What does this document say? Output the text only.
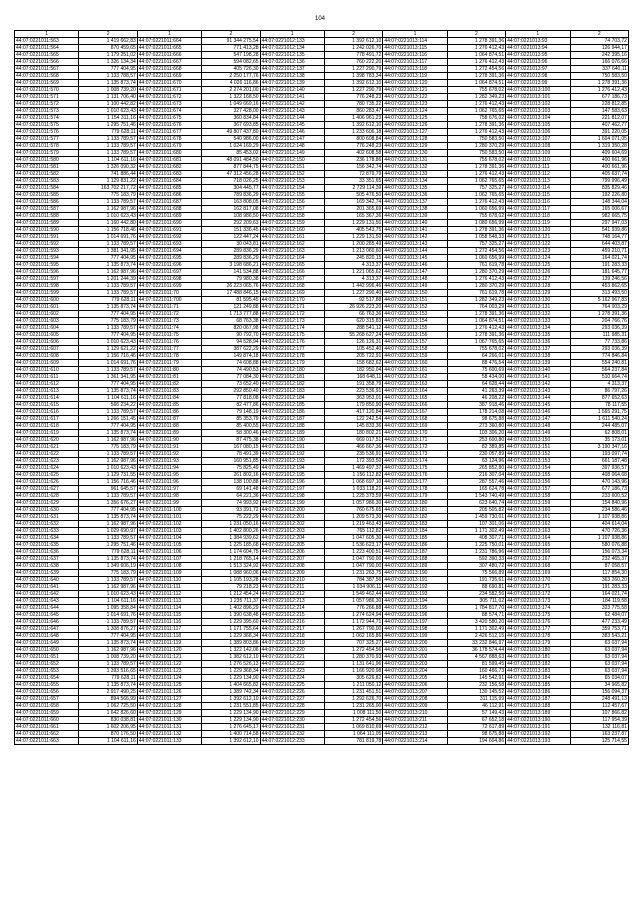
104
1	2	1	2	1	2	1	2	1	2
44:07:0221011:563	1 419 662,83	44:07:0221011:664	91 344 275,54	44:07:0221012:133	1 392 612,10	44:07:0221013:114	1 278 391,36	44:07:0221013:93	74 703,72
44:07:0221011:564	870 459,65	44:07:0221011:665	771 413,28	44:07:0221012:134	1 242 026,70	44:07:0221013:115	1 276 412,43	44:07:0221013:94	126 944,17
44:07:0221011:565	1 179 251,02	44:07:0221011:666	547 198,28	44:07:0221012:135	778 491,72	44:07:0221013:116	1 064 874,51	44:07:0221013:95	242 395,16
44:07:0221011:566	1 326 134,34	44:07:0221011:667	594 082,65	44:07:0221012:136	760 222,20	44:07:0221013:117	1 276 412,43	44:07:0221013:96	166 076,66
44:07:0221011:567	777 404,95	44:07:0221011:668	405 726,30	44:07:0221012:137	1 227 290,79	44:07:0221013:118	1 272 454,56	44:07:0221013:97	337 640,11
44:07:0221011:568	1 133 788,57	44:07:0221011:669	2 250 177,76	44:07:0221012:138	1 398 783,34	44:07:0221013:119	1 278 391,36	44:07:0221013:98	750 583,50
44:07:0221011:569	1 135 873,74	44:07:0221011:670	4 026 116,86	44:07:0221012:139	1 392 612,10	44:07:0221013:120	1 064 874,51	44:07:0221013:99	1 278 391,36
44:07:0221011:570	1 008 739,20	44:07:0221011:671	2 274 201,00	44:07:0221012:140	1 227 290,79	44:07:0221013:121	755 678,02	44:07:0221013:100	1 276 412,43
44:07:0221011:571	1 131 706,40	44:07:0221011:672	1 322 168,50	44:07:0221012:141	776 248,23	44:07:0221013:122	1 282 349,23	44:07:0221013:101	677 186,73
44:07:0221011:572	1 100 442,82	44:07:0221011:673	1 049 669,16	44:07:0221012:142	780 735,22	44:07:0221013:123	1 276 412,43	44:07:0221013:102	228 812,85
44:07:0221011:573	1 010 623,43	44:07:0221011:674	327 428,00	44:07:0221012:143	860 283,47	44:07:0221013:124	1 062 765,65	44:07:0221013:103	147 583,63
44:07:0221011:574	1 154 311,16	44:07:0221011:675	360 834,84	44:07:0221012:144	1 406 961,23	44:07:0221013:125	758 676,02	44:07:0221013:104	221 812,07
44:07:0221011:575	1 295 751,46	44:07:0221011:676	367 693,85	44:07:0221012:145	1 392 612,10	44:07:0221013:126	1 278 391,36	44:07:0221013:105	407 462,77
44:07:0221011:576	779 628,11	44:07:0221011:677	49 807 437,80	44:07:0221012:146	1 233 606,18	44:07:0221013:127	1 276 412,43	44:07:0221013:106	391 220,05
44:07:0221011:577	1 133 789,57	44:07:0221011:678	540 986,00	44:07:0221012:147	800 608,84	44:07:0221013:128	750 583,50	44:07:0221013:107	1 604 071,05
44:07:0221011:578	1 133 789,57	44:07:0221011:679	1 024 169,29	44:07:0221012:148	776 248,23	44:07:0221013:129	1 280 370,29	44:07:0221013:108	1 319 350,28
44:07:0221011:579	1 133 789,57	44:07:0221011:680	85 453,02	44:07:0221012:149	402 608,58	44:07:0221013:130	750 583,50	44:07:0221013:109	409 604,69
44:07:0221011:580	1 104 611,16	44:07:0221011:681	48 091 484,50	44:07:0221012:150	236 178,86	44:07:0221013:131	755 678,02	44:07:0221013:110	400 661,96
44:07:0221011:581	1 326 090,32	44:07:0221011:682	877 844,75	44:07:0221012:151	156 342,74	44:07:0221013:132	1 278 391,36	44:07:0221013:111	400 661,96
44:07:0221011:582	741 886,44	44:07:0221011:683	47 312 456,28	44:07:0221012:152	72 879,79	44:07:0221013:133	1 276 412,43	44:07:0221013:112	405 637,74
44:07:0221011:583	1 129 831,22	44:07:0221011:684	718 026,25	44:07:0221012:153	33 351,65	44:07:0221013:134	1 062 765,65	44:07:0221013:113	799 996,49
44:07:0221011:584	163 702 217,72	44:07:0221011:685	304 445,77	44:07:0221012:154	2 729 114,39	44:07:0221013:135	757 325,27	44:07:0221013:114	835 829,46
44:07:0221011:585	775 183,79	44:07:0221011:686	789 836,29	44:07:0221012:155	505 476,50	44:07:0221013:136	1 062 765,65	44:07:0221013:115	192 226,80
44:07:0221011:586	1 133 789,57	44:07:0221011:687	163 808,05	44:07:0221012:156	169 342,74	44:07:0221013:137	1 276 412,43	44:07:0221013:116	148 344,04
44:07:0221011:587	1 162 987,96	44:07:0221011:688	162 817,08	44:07:0221012:157	201 365,69	44:07:0221013:138	1 060 656,99	44:07:0221013:117	165 006,67
44:07:0221011:588	1 010 623,43	44:07:0221011:689	108 986,50	44:07:0221012:158	165 367,36	44:07:0221013:139	755 678,02	44:07:0221013:118	982 665,75
44:07:0221011:589	1 160 442,80	44:07:0221011:690	292 209,63	44:07:0221012:159	1 229 131,50	44:07:0221013:140	1 080 656,99	44:07:0221013:119	297 947,03
44:07:0221011:590	1 156 718,46	44:07:0221011:691	151 336,45	44:07:0221012:160	405 543,75	44:07:0221013:141	1 278 391,36	44:07:0221013:120	541 939,86
44:07:0221011:591	1 014 691,76	44:07:0221011:692	122 447,24	44:07:0221012:161	1 229 131,50	44:07:0221013:142	1 058 548,33	44:07:0221013:121	748 164,77
44:07:0221011:592	1 133 789,57	44:07:0221011:693	30 043,81	44:07:0221012:162	1 200 285,49	44:07:0221013:143	757 325,27	44:07:0221013:122	644 403,87
44:07:0221011:593	1 381 341,95	44:07:0221011:694	289 836,29	44:07:0221012:163	1 213 060,60	44:07:0221013:144	1 272 454,56	44:07:0221013:123	459 210,71
44:07:0221011:594	777 404,95	44:07:0221011:695	289 836,29	44:07:0221012:164	245 820,15	44:07:0221013:145	1 060 656,99	44:07:0221013:124	164 021,74
44:07:0221011:595	1 135 873,74	44:07:0221011:696	3 198 686,21	44:07:0221012:165	4 313,37	44:07:0221013:146	761 619,78	44:07:0221013:125	191 283,33
44:07:0221011:596	1 162 987,96	44:07:0221011:697	141 534,88	44:07:0221012:166	1 221 065,62	44:07:0221013:147	1 280 370,29	44:07:0221013:126	181 645,77
44:07:0221011:597	1 201 244,39	44:07:0221011:698	79 980,38	44:07:0221012:167	4 313,37	44:07:0221013:148	1 276 412,43	44:07:0221013:127	139 246,56
44:07:0221011:598	1 133 789,57	44:07:0221011:699	26 223 065,76	44:07:0221012:168	1 442 996,46	44:07:0221013:149	1 280 370,29	44:07:0221013:128	453 862,65
44:07:0221011:599	1 133 789,57	44:07:0221011:70	17 488 846,15	44:07:0221012:169	1 227 290,40	44:07:0221013:150	761 619,78	44:07:0221013:129	313 493,50
44:07:0221011:600	779 628,11	44:07:0221011:700	81 595,45	44:07:0221012:170	92 517,88	44:07:0221013:151	1 282 349,23	44:07:0221013:130	5 162 967,83
44:07:0221011:601	1 135 873,74	44:07:0221011:71	121 249,88	44:07:0221012:171	26 926 223,20	44:07:0221013:152	764 003,29	44:07:0221013:131	764 003,29
44:07:0221011:602	777 404,95	44:07:0221011:72	1 713 777,88	44:07:0221012:172	66 763,36	44:07:0221013:153	1 278 391,36	44:07:0221013:132	1 278 391,36
44:07:0221011:603	775 183,79	44:07:0221011:73	68 763,38	44:07:0221012:173	620 315,83	44:07:0221013:154	1 064 874,51	44:07:0221013:133	204 766,76
44:07:0221011:604	1 133 789,57	44:07:0221011:74	820 067,98	44:07:0221012:174	288 541,12	44:07:0221013:155	1 276 412,43	44:07:0221013:134	293 036,39
44:07:0221011:605	777 404,95	44:07:0221011:75	90 792,70	44:07:0221012:175	55 268 627,24	44:07:0221013:156	1 278 391,36	44:07:0221013:135	111 985,31
44:07:0221011:606	1 010 623,43	44:07:0221011:76	94 528,94	44:07:0221012:176	126 126,31	44:07:0221013:157	1 067 765,65	44:07:0221013:136	77 733,86
44:07:0221011:607	1 129 621,22	44:07:0221011:77	387 622,29	44:07:0221012:177	105 452,40	44:07:0221013:158	755 678,02	44:07:0221013:137	293 036,39
44:07:0221011:608	1 156 716,46	44:07:0221011:78	149 874,18	44:07:0221012:178	205 722,91	44:07:0221013:159	64 266,01	44:07:0221013:138	774 846,84
44:07:0221011:609	1 014 691,76	44:07:0221011:79	74 608,88	44:07:0221012:179	158 682,62	44:07:0221013:160	88 476,54	44:07:0221013:139	554 240,81
44:07:0221011:610	1 133 789,57	44:07:0221011:80	74 490,53	44:07:0221012:180	182 950,04	44:07:0221013:161	75 600,69	44:07:0221013:140	564 237,84
44:07:0221011:611	1 361 341,95	44:07:0221011:81	77 084,30	44:07:0221012:181	168 648,11	44:07:0221013:162	58 434,00	44:07:0221013:141	510 664,74
44:07:0221011:612	777 404,95	44:07:0221011:82	73 652,40	44:07:0221012:182	191 358,79	44:07:0221013:163	64 628,44	44:07:0221013:142	4 313,37
44:07:0221011:613	1 135 873,74	44:07:0221011:83	292 850,40	44:07:0221012:183	223 536,91	44:07:0221013:164	41 263,39	44:07:0221013:143	86 797,26
44:07:0221011:614	1 104 611,16	44:07:0221011:84	77 818,08	44:07:0221012:184	363 953,01	44:07:0221013:165	46 208,22	44:07:0221013:144	877 652,63
44:07:0221011:615	566 234,22	44:07:0221011:85	82 477,86	44:07:0221012:185	179 850,90	44:07:0221013:166	387 918,46	44:07:0221013:145	78 117,55
44:07:0221011:616	1 133 789,57	44:07:0221011:86	79 148,19	44:07:0221012:186	417 120,84	44:07:0221013:167	178 214,08	44:07:0221013:146	1 565 291,75
44:07:0221011:617	1 266 151,45	44:07:0221011:87	85 353,79	44:07:0221012:187	122 242,54	44:07:0221013:168	98 675,88	44:07:0221013:147	1 611 540,24
44:07:0221011:618	777 404,95	44:07:0221011:88	85 400,55	44:07:0221012:188	145 833,36	44:07:0221013:169	273 360,80	44:07:0221013:148	244 485,07
44:07:0221011:619	1 135 873,74	44:07:0221011:89	58 300,46	44:07:0221012:189	180 802,21	44:07:0221013:170	103 306,20	44:07:0221013:149	62 808,01
44:07:0221011:620	1 162 987,96	44:07:0221011:90	87 475,38	44:07:0221012:190	669 017,51	44:07:0221013:171	253 600,80	44:07:0221013:150	35 173,01
44:07:0221011:621	775 183,79	44:07:0221011:91	167 080,15	44:07:0221012:191	466 667,36	44:07:0221013:172	82 389,85	44:07:0221013:151	3 190 347,16
44:07:0221011:622	1 133 789,57	44:07:0221011:92	78 491,39	44:07:0221012:192	235 536,91	44:07:0221013:173	230 057,89	44:07:0221013:152	193 097,74
44:07:0221011:623	1 162 987,96	44:07:0221011:93	160 951,85	44:07:0221012:193	172 393,50	44:07:0221013:174	63 124,96	44:07:0221013:153	661 187,48
44:07:0221011:624	1 010 623,43	44:07:0221011:94	75 825,49	44:07:0221012:194	1 469 497,37	44:07:0221013:175	265 852,80	44:07:0221013:154	397 936,57
44:07:0221011:625	1 129 731,55	44:07:0221011:95	261 802,16	44:07:0221012:195	1 156 112,82	44:07:0221013:176	216 307,04	44:07:0221013:155	408 064,68
44:07:0221011:626	1 156 716,46	44:07:0221011:96	138 100,88	44:07:0221012:196	1 068 697,10	44:07:0221013:177	287 557,46	44:07:0221013:156	470 143,96
44:07:0221011:627	961 645,57	44:07:0221011:97	69 141,48	44:07:0221012:197	1 033 118,21	44:07:0221013:178	165 624,78	44:07:0221013:157	677 186,73
44:07:0221011:628	1 133 789,57	44:07:0221011:98	64 221,36	44:07:0221012:198	1 225 373,59	44:07:0221013:179	1 543 740,49	44:07:0221013:158	233 600,52
44:07:0221011:629	1 356 676,27	44:07:0221011:99	74 993,92	44:07:0221012:199	1 057 986,30	44:07:0221013:180	623 640,74	44:07:0221013:159	154 840,96
44:07:0221011:630	777 404,95	44:07:0221011:100	93 391,72	44:07:0221012:200	760 675,65	44:07:0221013:181	205 505,82	44:07:0221013:160	234 586,46
44:07:0221011:631	1 135 873,74	44:07:0221011:101	75 222,29	44:07:0221012:201	1 209 573,30	44:07:0221013:182	1 459 730,01	44:07:0221013:161	1 107 938,86
44:07:0221011:632	1 162 987,96	44:07:0221011:102	1 231 050,16	44:07:0221012:202	1 219 463,43	44:07:0221013:183	107 301,06	44:07:0221013:162	404 614,04
44:07:0221011:633	1 029 690,97	44:07:0221011:103	1 402 800,26	44:07:0221012:203	765 112,82	44:07:0221013:184	1 171 302,49	44:07:0221013:163	470 726,36
44:07:0221011:634	1 133 789,57	44:07:0221011:104	1 384 939,62	44:07:0221012:204	1 047 605,30	44:07:0221013:185	408 307,71	44:07:0221013:164	1 107 938,86
44:07:0221011:635	1 295 751,46	44:07:0221011:105	1 225 185,68	44:07:0221012:205	1 536 623,17	44:07:0221013:186	1 225 750,01	44:07:0221013:165	580 076,88
44:07:0221011:636	779 628,11	44:07:0221011:106	1 174 604,75	44:07:0221012:206	1 223 400,51	44:07:0221013:187	1 231 786,96	44:07:0221013:166	156 073,34
44:07:0221011:637	1 135 873,74	44:07:0221011:107	1 218 765,14	44:07:0221012:207	1 047 790,00	44:07:0221013:188	592 390,33	44:07:0221013:167	232 465,37
44:07:0221011:638	1 349 606,19	44:07:0221011:108	1 513 324,92	44:07:0221012:208	1 047 790,00	44:07:0221013:189	307 480,72	44:07:0221013:168	87 058,57
44:07:0221011:639	775 183,79	44:07:0221011:109	1 088 960,06	44:07:0221012:209	1 231 263,75	44:07:0221013:190	75 566,89	44:07:0221013:169	117 854,30
44:07:0221011:640	1 133 789,57	44:07:0221011:110	1 105 193,28	44:07:0221012:210	784 387,56	44:07:0221013:191	191 735,61	44:07:0221013:170	363 260,20
44:07:0221011:641	1 162 987,96	44:07:0221011:111	79 218,23	44:07:0221012:211	1 034 906,11	44:07:0221013:192	88 690,81	44:07:0221013:171	191 283,33
44:07:0221011:642	1 010 623,43	44:07:0221011:112	1 212 454,24	44:07:0221012:212	1 549 462,44	44:07:0221013:193	234 582,56	44:07:0221013:172	164 021,74
44:07:0221011:643	1 104 611,16	44:07:0221011:113	1 235 711,37	44:07:0221012:213	1 057 986,30	44:07:0221013:194	305 711,02	44:07:0221013:173	184 119,58
44:07:0221011:644	1 095 358,84	44:07:0221011:114	1 402 896,29	44:07:0221012:214	776 266,88	44:07:0221013:195	1 784 817,70	44:07:0221013:174	323 775,58
44:07:0221011:645	1 014 691,76	44:07:0221011:115	1 390 638,48	44:07:0221012:215	1 274 624,94	44:07:0221013:196	88 574,71	44:07:0221013:175	62 484,07
44:07:0221011:646	1 133 789,57	44:07:0221011:116	1 229 395,60	44:07:0221012:216	1 172 944,71	44:07:0221013:197	3 420 580,20	44:07:0221013:176	477 233,49
44:07:0221011:647	1 308 876,27	44:07:0221011:117	1 171 755,64	44:07:0221012:217	1 267 790,00	44:07:0221013:198	1 171 302,49	44:07:0221013:177	359 753,71
44:07:0221011:648	777 404,95	44:07:0221011:118	1 229 368,34	44:07:0221012:218	1 062 165,86	44:07:0221013:199	2 426 512,15	44:07:0221013:178	383 543,21
44:07:0221011:649	1 135 873,74	44:07:0221011:119	1 389 803,86	44:07:0221012:219	707 325,27	44:07:0221013:200	33 232 846,97	44:07:0221013:179	63 037,94
44:07:0221011:650	1 162 987,96	44:07:0221011:120	1 322 142,06	44:07:0221012:220	1 272 454,56	44:07:0221013:201	36 178 574,44	44:07:0221013:180	63 037,94
44:07:0221011:651	1 008 739,20	44:07:0221011:121	1 382 612,10	44:07:0221012:221	1 280 370,93	44:07:0221013:202	4 567 888,63	44:07:0221013:181	63 037,94
44:07:0221011:652	1 133 789,57	44:07:0221011:122	1 276 526,13	44:07:0221012:222	1 131 641,96	44:07:0221013:203	81 599,45	44:07:0221013:182	63 037,94
44:07:0221011:653	1 393 516,65	44:07:0221011:123	1 229 368,34	44:07:0221012:223	1 166 920,98	44:07:0221013:204	160 466,73	44:07:0221013:183	63 037,94
44:07:0221011:654	779 628,11	44:07:0221011:124	1 229 134,90	44:07:0221012:224	305 626,82	44:07:0221013:205	145 542,91	44:07:0221013:184	65 034,07
44:07:0221011:655	1 135 873,74	44:07:0221011:125	1 404 665,82	44:07:0221012:225	1 211 050,12	44:07:0221013:206	232 156,58	44:07:0221013:185	34 965,82
44:07:0221011:656	2 917 490,25	44:07:0221011:126	1 389 742,34	44:07:0221012:226	1 231 451,51	44:07:0221013:207	130 145,52	44:07:0221013:186	156 094,37
44:07:0221011:657	894 566,99	44:07:0221011:127	1 392 612,10	44:07:0221012:227	1 292 626,70	44:07:0221013:208	311 115,99	44:07:0221013:187	248 491,13
44:07:0221011:658	1 062 725,50	44:07:0221011:128	1 231 551,85	44:07:0221012:228	1 231 265,00	44:07:0221013:209	46 112,91	44:07:0221013:188	112 457,67
44:07:0221011:659	1 642 826,60	44:07:0221011:129	1 229 134,90	44:07:0221012:229	1 008 111,50	44:07:0221013:210	57 149,43	44:07:0221013:189	107 866,82
44:07:0221011:660	830 038,81	44:07:0221011:130	1 229 134,90	44:07:0221012:230	1 272 454,56	44:07:0221013:211	67 652,18	44:07:0221013:190	117 954,39
44:07:0221011:661	1 602 206,95	44:07:0221011:131	1 276 645,17	44:07:0221012:231	1 069 810,69	44:07:0221013:212	72 617,89	44:07:0221013:191	132 116,81
44:07:0221011:662	870 176,50	44:07:0221011:132	1 400 714,58	44:07:0221012:232	1 064 111,05	44:07:0221013:213	98 675,88	44:07:0221013:192	163 237,87
44:07:0221011:663	1 104 611,16	44:07:0221011:133	1 392 612,10	44:07:0221012:233	781 819,78	44:07:0221013:214	194 604,86	44:07:0221013:193	125 714,55
